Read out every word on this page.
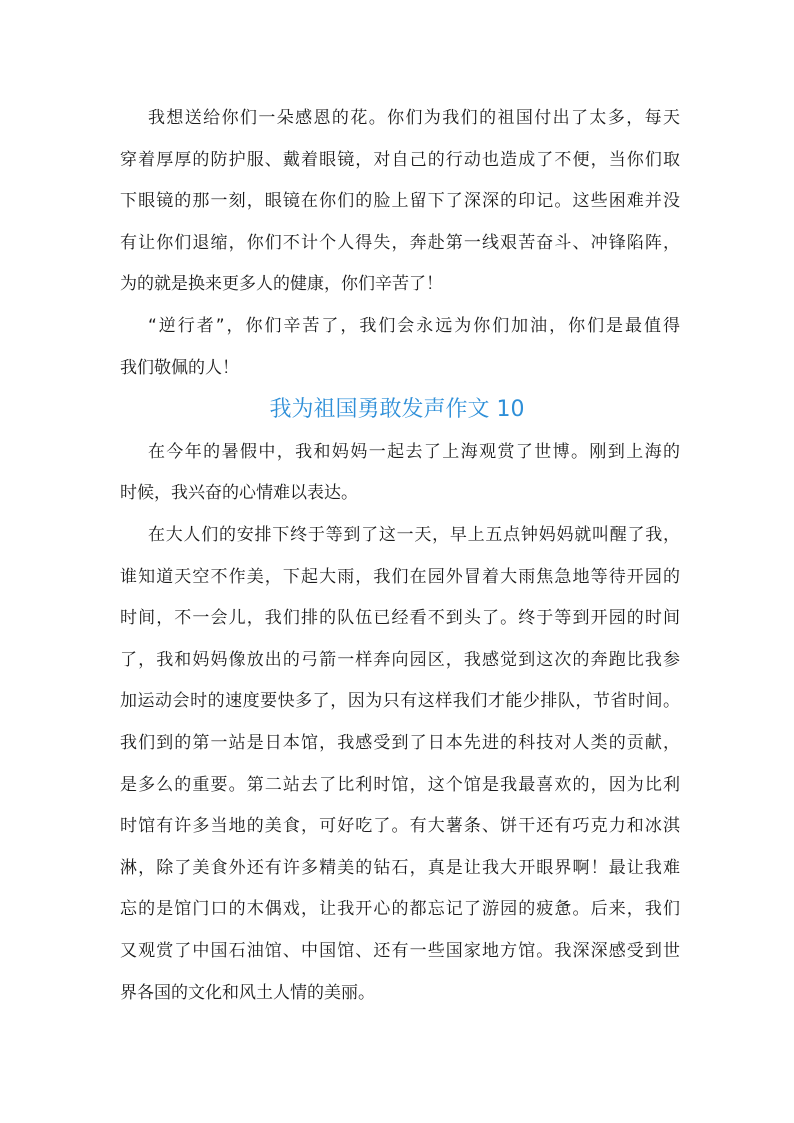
我想送给你们一朵感恩的花。你们为我们的祖国付出了太多，每天
穿着厚厚的防护服、戴着眼镜，对自己的行动也造成了不便，当你们取
下眼镜的那一刻，眼镜在你们的脸上留下了深深的印记。这些困难并没
有让你们退缩，你们不计个人得失，奔赴第一线艰苦奋斗、冲锋陷阵，
为的就是换来更多人的健康，你们辛苦了！
“逆行者”，你们辛苦了，我们会永远为你们加油，你们是最值得
我们敬佩的人！
我为祖国勇敢发声作文 10
在今年的暑假中，我和妈妈一起去了上海观赏了世博。刚到上海的
时候，我兴奋的心情难以表达。
在大人们的安排下终于等到了这一天，早上五点钟妈妈就叫醒了我，
谁知道天空不作美，下起大雨，我们在园外冒着大雨焦急地等待开园的
时间，不一会儿，我们排的队伍已经看不到头了。终于等到开园的时间
了，我和妈妈像放出的弓箭一样奔向园区，我感觉到这次的奔跑比我参
加运动会时的速度要快多了，因为只有这样我们才能少排队，节省时间。
我们到的第一站是日本馆，我感受到了日本先进的科技对人类的贡献，
是多么的重要。第二站去了比利时馆，这个馆是我最喜欢的，因为比利
时馆有许多当地的美食，可好吃了。有大薯条、饼干还有巧克力和冰淇
淋，除了美食外还有许多精美的钻石，真是让我大开眼界啊！最让我难
忘的是馆门口的木偶戏，让我开心的都忘记了游园的疲惫。后来，我们
又观赏了中国石油馆、中国馆、还有一些国家地方馆。我深深感受到世
界各国的文化和风土人情的美丽。
